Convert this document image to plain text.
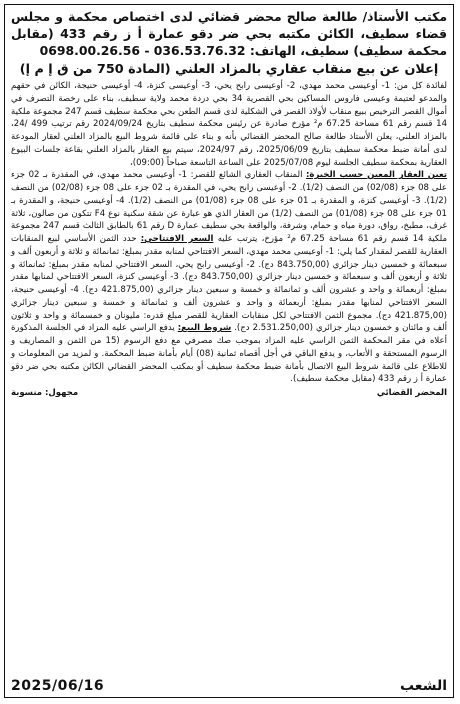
مكتب الأستاذ/ طالعة صالح محضر قضائي لدى اختصاص محكمة و مجلس قضاء سطيف، الكائن مكتبه بحي ضر دقو عمارة أ ز رقم 433 (مقابل محكمة سطيف) سطيف، الهاتف: 036.53.76.32 - 0698.00.26.56
إعلان عن بيع منقاب عقاري بالمزاد العلني (المادة 750 من ق إ م إ)

لفائدة كل من: 1- أوعيسى محمد مهدي، 2- أوعيسى رابح يحي، 3- أوعيسى كنزة، 4- أوعيسى حنيجة، الكائن في حقهم والمدعو لعتيمة وعيسى فاروس المساكين بحي القصرية 34 بحي دردة محمد ولاية سطيف، بناء على رخصة التصرف في أموال القصر الترخيص ببيع منقاب لأولاد القصر في الشكلية لدى قسم الطعن بحي محكمة سطيف قسم 247 مجموعة ملكية 14 قسم رقم 61 مساحة 67.25 م² مؤرخ صادرة عن رئيس محكمة سطيف بتاريخ 2024/09/24 رقم ترتيب 499 /24، بالمزاد العلني، يعلن الأستاذ طالعة صالح المحضر القضائي بأنه و بناء على قائمة شروط البيع بالمزاد العلني لعقار المودعة لدى أمانة ضبط محكمة سطيف بتاريخ 2025/06/09، رقم 2024/97، سيتم بيع العقار بالمزاد العلني بقاعة جلسات البيوع العقارية بمحكمة سطيف الجلسة ليوم 2025/07/08 على الساعة التاسعة صباحاً (09:00)،

تعين العقار المعين حسب الخبرة: المنقاب العقاري الشائع للقصر: 1- أوعيسى محمد مهدي، في المقدرة بـ 02 جزء على 08 جزء (02/08) من النصف (1/2). 2- أوعيسى رابح يحي، في المقدرة بـ 02 جزء على 08 جزء (02/08) من النصف (1/2). 3- أوعيسى كنزة، و المقدرة بـ 01 جزء على 08 جزء (01/08) من النصف (1/2). 4- أوعيسى حنيجة، و المقدرة بـ 01 جزء على 08 جزء (01/08) من النصف (1/2) من العقار الذي هو عبارة عن شقة سكنية نوع F4 تتكون من صالون، ثلاثة غرف، مطبخ، رواق، دورة مياه و حمام، وشرفة، والواقعة بحي سطيف عمارة D رقم 61 بالطابق الثالث قسم 247 مجموعة ملكية 14 قسم رقم 61 مساحة 67.25 م² مؤرخ، يترتب عليه السعر الافتتاحي: حدد الثمن الأساسي لبيع المنقابات العقارية للقصر لمقدار كما يلي: 1- أوعيسى محمد مهدي، السعر الافتتاحي لمنابه مقدر بمبلغ: ثمانمائة و ثلاثة و أربعون ألف و سبعمائة و خمسين دينار جزائري (843.750,00 دج). 2- أوعيسى رابح يحي، السعر الافتتاحي لمنابه مقدر بمبلغ: ثمانمائة و ثلاثة و أربعون ألف و سبعمائة و خمسين دينار جزائري (843.750,00 دج). 3- أوعيسى كنزة، السعر الافتتاحي لمنابها مقدر بمبلغ: أربعمائة و واحد و عشرون ألف و ثمانمائة و خمسة و سبعين دينار جزائري (421.875,00 دج). 4- أوعيسى حنيجة، السعر الافتتاحي لمنابها مقدر بمبلغ: أربعمائة و واحد و عشرون ألف و ثمانمائة و خمسة و سبعين دينار جزائري (421.875,00 دج). مجموع الثمن الافتتاحي لكل منقابات العقارية للقصر مبلغ قدره: مليونان و خمسمائة و واحد و ثلاثون ألف و مائتان و خمسون دينار جزائري (2.531.250,00 دج). شروط البيع: يدفع الراسي عليه المزاد في الجلسة المذكورة أعلاه في مقر المحكمة الثمن الراسي عليه المزاد بموجب صك مصرفي مع دفع الرسوم (15 من الثمن و المصاريف و الرسوم المستحقة و الأتعاب، و يدفع الباقي في أجل أقصاه ثمانية (08) أيام بأمانة ضبط المحكمة. و لمزيد من المعلومات و للاطلاع على قائمة شروط البيع الاتصال بأمانة ضبط محكمة سطيف أو بمكتب المحضر القضائي الكائن مكتبه بحي ضر دقو عمارة أ ز رقم 433 (مقابل محكمة سطيف).

المحضر القضائي
مجهول: منسوبة
الشعب
2025/06/16
